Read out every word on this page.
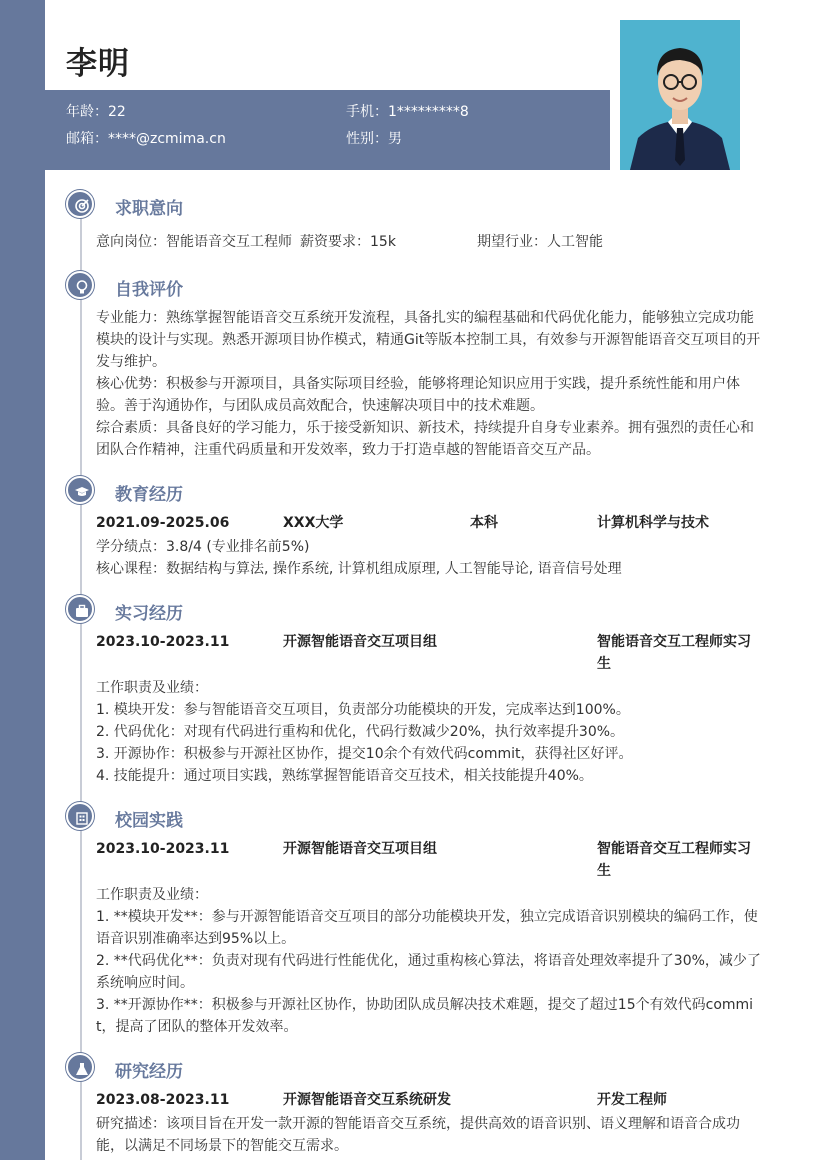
李明
年龄：22	手机：1*********8
邮箱：****@zcmima.cn	性别：男
求职意向
意向岗位：智能语音交互工程师 薪资要求：15k	期望行业：人工智能
自我评价
专业能力：熟练掌握智能语音交互系统开发流程，具备扎实的编程基础和代码优化能力，能够独立完成功能
模块的设计与实现。熟悉开源项目协作模式，精通Git等版本控制工具，有效参与开源智能语音交互项目的开
发与维护。
核心优势：积极参与开源项目，具备实际项目经验，能够将理论知识应用于实践，提升系统性能和用户体
验。善于沟通协作，与团队成员高效配合，快速解决项目中的技术难题。
综合素质：具备良好的学习能力，乐于接受新知识、新技术，持续提升自身专业素养。拥有强烈的责任心和
团队合作精神，注重代码质量和开发效率，致力于打造卓越的智能语音交互产品。
教育经历
2021.09-2025.06	XXX大学	本科	计算机科学与技术
学分绩点：3.8/4 (专业排名前5%)
核心课程：数据结构与算法, 操作系统, 计算机组成原理, 人工智能导论, 语音信号处理
实习经历
2023.10-2023.11	开源智能语音交互项目组	智能语音交互工程师实习
生
工作职责及业绩：
1. 模块开发：参与智能语音交互项目，负责部分功能模块的开发，完成率达到100%。
2. 代码优化：对现有代码进行重构和优化，代码行数减少20%，执行效率提升30%。
3. 开源协作：积极参与开源社区协作，提交10余个有效代码commit，获得社区好评。
4. 技能提升：通过项目实践，熟练掌握智能语音交互技术，相关技能提升40%。
校园实践
2023.10-2023.11	开源智能语音交互项目组	智能语音交互工程师实习
生
工作职责及业绩：
1. **模块开发**：参与开源智能语音交互项目的部分功能模块开发，独立完成语音识别模块的编码工作，使
语音识别准确率达到95%以上。
2. **代码优化**：负责对现有代码进行性能优化，通过重构核心算法，将语音处理效率提升了30%，减少了
系统响应时间。
3. **开源协作**：积极参与开源社区协作，协助团队成员解决技术难题，提交了超过15个有效代码commi
t，提高了团队的整体开发效率。
研究经历
2023.08-2023.11	开源智能语音交互系统研发	开发工程师
研究描述：该项目旨在开发一款开源的智能语音交互系统，提供高效的语音识别、语义理解和语音合成功
能，以满足不同场景下的智能交互需求。
